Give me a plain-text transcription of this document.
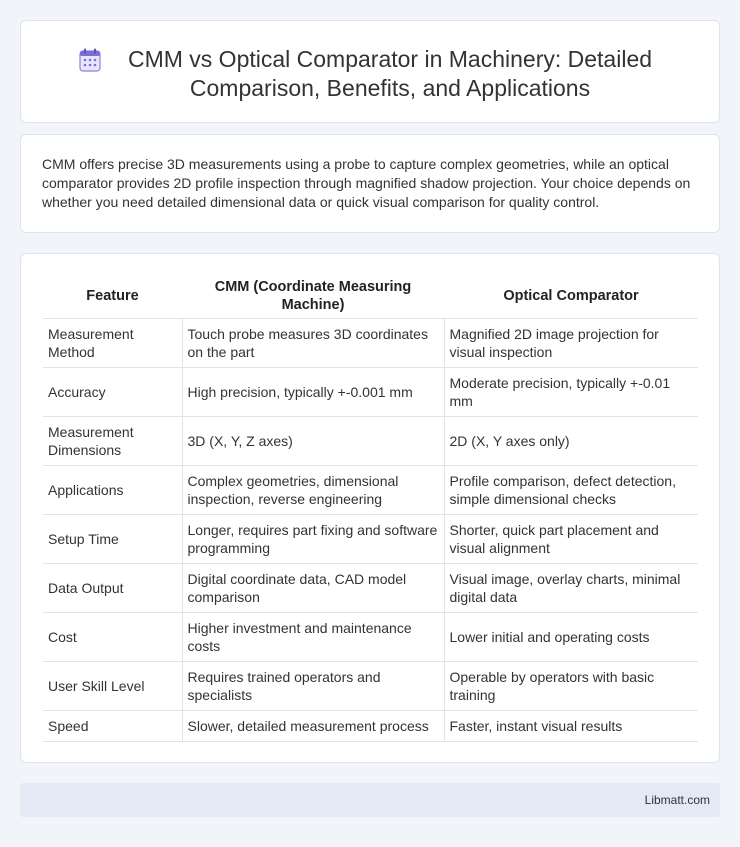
CMM vs Optical Comparator in Machinery: Detailed Comparison, Benefits, and Applications

CMM offers precise 3D measurements using a probe to capture complex geometries, while an optical comparator provides 2D profile inspection through magnified shadow projection. Your choice depends on whether you need detailed dimensional data or quick visual comparison for quality control.

Feature	CMM (Coordinate Measuring Machine)	Optical Comparator
Measurement Method	Touch probe measures 3D coordinates on the part	Magnified 2D image projection for visual inspection
Accuracy	High precision, typically +-0.001 mm	Moderate precision, typically +-0.01 mm
Measurement Dimensions	3D (X, Y, Z axes)	2D (X, Y axes only)
Applications	Complex geometries, dimensional inspection, reverse engineering	Profile comparison, defect detection, simple dimensional checks
Setup Time	Longer, requires part fixing and software programming	Shorter, quick part placement and visual alignment
Data Output	Digital coordinate data, CAD model comparison	Visual image, overlay charts, minimal digital data
Cost	Higher investment and maintenance costs	Lower initial and operating costs
User Skill Level	Requires trained operators and specialists	Operable by operators with basic training
Speed	Slower, detailed measurement process	Faster, instant visual results
Libmatt.com
